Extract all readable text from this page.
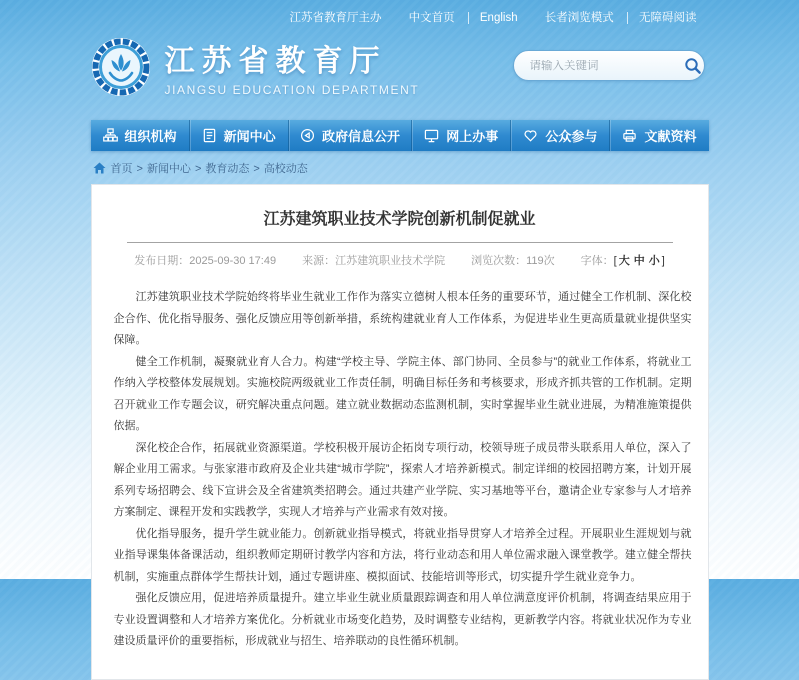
江苏省教育厅主办 中文首页 English 长者浏览模式 无障碍阅读
江苏省教育厅
JIANGSU EDUCATION DEPARTMENT
请输入关键词
组织机构	新闻中心	政府信息公开	网上办事	公众参与	文献资料
首页 >	新闻中心 >	教育动态 >	高校动态
江苏建筑职业技术学院创新机制促就业
发布日期：2025-09-30 17:49 来源：江苏建筑职业技术学院 浏览次数：119次 字体：[ 大 中 小 ]

江苏建筑职业技术学院始终将毕业生就业工作作为落实立德树人根本任务的重要环节，通过健全工作机制、深化校企合作、优化指导服务、强化反馈应用等创新举措，系统构建就业育人工作体系，为促进毕业生更高质量就业提供坚实保障。

健全工作机制，凝聚就业育人合力。构建“学校主导、学院主体、部门协同、全员参与”的就业工作体系，将就业工作纳入学校整体发展规划。实施校院两级就业工作责任制，明确目标任务和考核要求，形成齐抓共管的工作机制。定期召开就业工作专题会议，研究解决重点问题。建立就业数据动态监测机制，实时掌握毕业生就业进展，为精准施策提供依据。

深化校企合作，拓展就业资源渠道。学校积极开展访企拓岗专项行动，校领导班子成员带头联系用人单位，深入了解企业用工需求。与张家港市政府及企业共建“城市学院”，探索人才培养新模式。制定详细的校园招聘方案，计划开展系列专场招聘会、线下宣讲会及全省建筑类招聘会。通过共建产业学院、实习基地等平台，邀请企业专家参与人才培养方案制定、课程开发和实践教学，实现人才培养与产业需求有效对接。

优化指导服务，提升学生就业能力。创新就业指导模式，将就业指导贯穿人才培养全过程。开展职业生涯规划与就业指导课集体备课活动，组织教师定期研讨教学内容和方法，将行业动态和用人单位需求融入课堂教学。建立健全帮扶机制，实施重点群体学生帮扶计划，通过专题讲座、模拟面试、技能培训等形式，切实提升学生就业竞争力。

强化反馈应用，促进培养质量提升。建立毕业生就业质量跟踪调查和用人单位满意度评价机制，将调查结果应用于专业设置调整和人才培养方案优化。分析就业市场变化趋势，及时调整专业结构，更新教学内容。将就业状况作为专业建设质量评价的重要指标，形成就业与招生、培养联动的良性循环机制。
